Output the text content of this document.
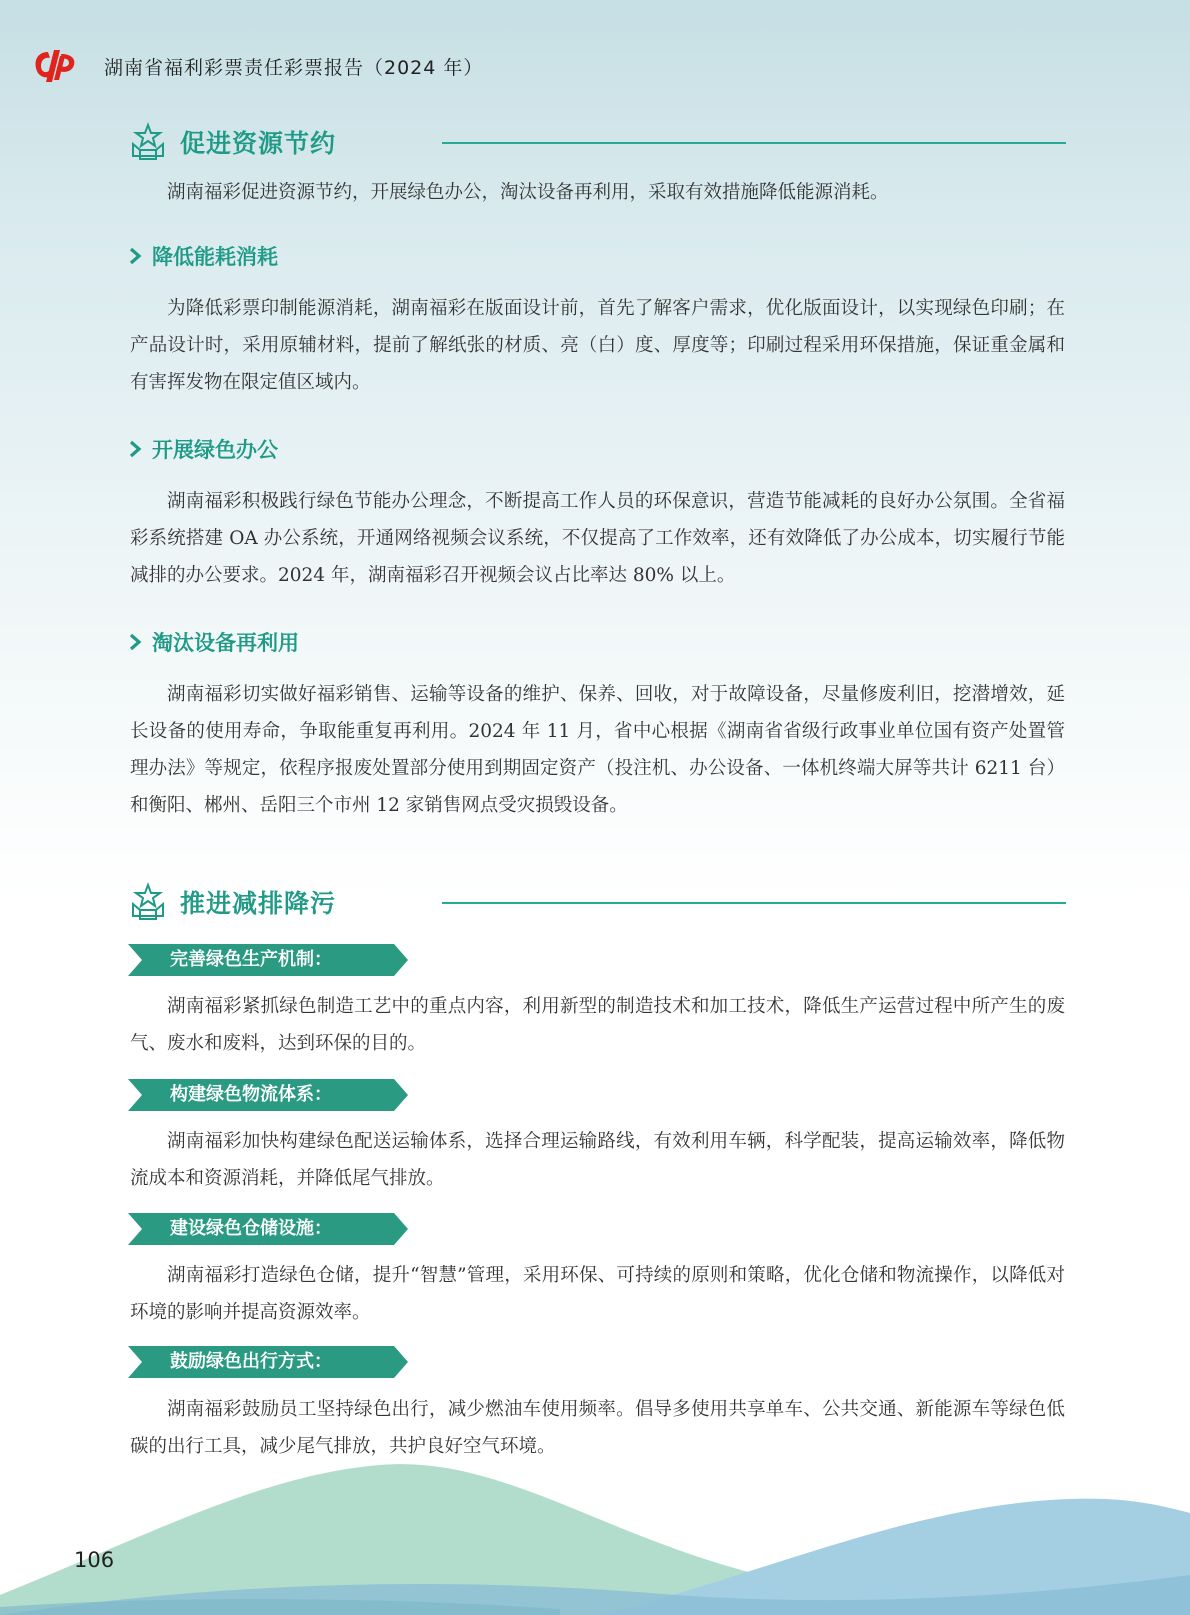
湖南省福利彩票责任彩票报告（2024 年）
促进资源节约

湖南福彩促进资源节约，开展绿色办公，淘汰设备再利用，采取有效措施降低能源消耗。

降低能耗消耗

为降低彩票印制能源消耗，湖南福彩在版面设计前，首先了解客户需求，优化版面设计，以实现绿色印刷；在产品设计时，采用原辅材料，提前了解纸张的材质、亮（白）度、厚度等；印刷过程采用环保措施，保证重金属和有害挥发物在限定值区域内。

开展绿色办公

湖南福彩积极践行绿色节能办公理念，不断提高工作人员的环保意识，营造节能减耗的良好办公氛围。全省福彩系统搭建 OA 办公系统，开通网络视频会议系统，不仅提高了工作效率，还有效降低了办公成本，切实履行节能减排的办公要求。2024 年，湖南福彩召开视频会议占比率达 80% 以上。

淘汰设备再利用

湖南福彩切实做好福彩销售、运输等设备的维护、保养、回收，对于故障设备，尽量修废利旧，挖潜增效，延长设备的使用寿命，争取能重复再利用。2024 年 11 月，省中心根据《湖南省省级行政事业单位国有资产处置管理办法》等规定，依程序报废处置部分使用到期固定资产（投注机、办公设备、一体机终端大屏等共计 6211 台）和衡阳、郴州、岳阳三个市州 12 家销售网点受灾损毁设备。

推进减排降污
完善绿色生产机制：

湖南福彩紧抓绿色制造工艺中的重点内容，利用新型的制造技术和加工技术，降低生产运营过程中所产生的废气、废水和废料，达到环保的目的。

构建绿色物流体系：

湖南福彩加快构建绿色配送运输体系，选择合理运输路线，有效利用车辆，科学配装，提高运输效率，降低物流成本和资源消耗，并降低尾气排放。

建设绿色仓储设施：

湖南福彩打造绿色仓储，提升“智慧”管理，采用环保、可持续的原则和策略，优化仓储和物流操作，以降低对环境的影响并提高资源效率。

鼓励绿色出行方式：

湖南福彩鼓励员工坚持绿色出行，减少燃油车使用频率。倡导多使用共享单车、公共交通、新能源车等绿色低碳的出行工具，减少尾气排放，共护良好空气环境。

106
